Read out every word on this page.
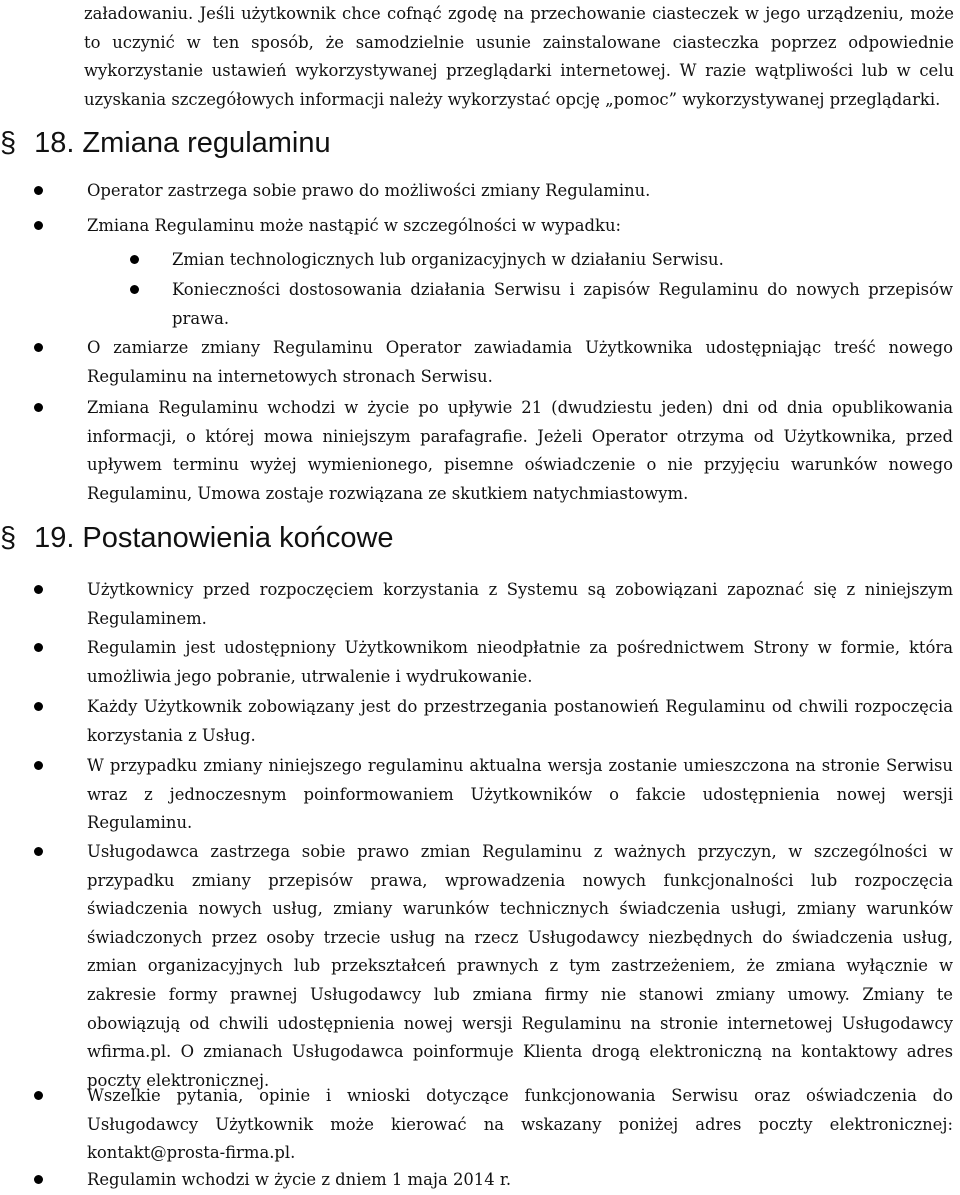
załadowaniu. Jeśli użytkownik chce cofnąć zgodę na przechowanie ciasteczek w jego urządzeniu, może to uczynić w ten sposób, że samodzielnie usunie zainstalowane ciasteczka poprzez odpowiednie wykorzystanie ustawień wykorzystywanej przeglądarki internetowej. W razie wątpliwości lub w celu uzyskania szczegółowych informacji należy wykorzystać opcję „pomoc” wykorzystywanej przeglądarki.

§ 18. Zmiana regulaminu
Operator zastrzega sobie prawo do możliwości zmiany Regulaminu.
Zmiana Regulaminu może nastąpić w szczególności w wypadku:
Zmian technologicznych lub organizacyjnych w działaniu Serwisu.
Konieczności dostosowania działania Serwisu i zapisów Regulaminu do nowych przepisów prawa.
O zamiarze zmiany Regulaminu Operator zawiadamia Użytkownika udostępniając treść nowego Regulaminu na internetowych stronach Serwisu.
Zmiana Regulaminu wchodzi w życie po upływie 21 (dwudziestu jeden) dni od dnia opublikowania informacji, o której mowa niniejszym parafagrafie. Jeżeli Operator otrzyma od Użytkownika, przed upływem terminu wyżej wymienionego, pisemne oświadczenie o nie przyjęciu warunków nowego Regulaminu, Umowa zostaje rozwiązana ze skutkiem natychmiastowym.
§ 19. Postanowienia końcowe
Użytkownicy przed rozpoczęciem korzystania z Systemu są zobowiązani zapoznać się z niniejszym Regulaminem.
Regulamin jest udostępniony Użytkownikom nieodpłatnie za pośrednictwem Strony w formie, która umożliwia jego pobranie, utrwalenie i wydrukowanie.
Każdy Użytkownik zobowiązany jest do przestrzegania postanowień Regulaminu od chwili rozpoczęcia korzystania z Usług.
W przypadku zmiany niniejszego regulaminu aktualna wersja zostanie umieszczona na stronie Serwisu wraz z jednoczesnym poinformowaniem Użytkowników o fakcie udostępnienia nowej wersji Regulaminu.
Usługodawca zastrzega sobie prawo zmian Regulaminu z ważnych przyczyn, w szczególności w przypadku zmiany przepisów prawa, wprowadzenia nowych funkcjonalności lub rozpoczęcia świadczenia nowych usług, zmiany warunków technicznych świadczenia usługi, zmiany warunków świadczonych przez osoby trzecie usług na rzecz Usługodawcy niezbędnych do świadczenia usług, zmian organizacyjnych lub przekształceń prawnych z tym zastrzeżeniem, że zmiana wyłącznie w zakresie formy prawnej Usługodawcy lub zmiana firmy nie stanowi zmiany umowy. Zmiany te obowiązują od chwili udostępnienia nowej wersji Regulaminu na stronie internetowej Usługodawcy wfirma.pl. O zmianach Usługodawca poinformuje Klienta drogą elektroniczną na kontaktowy adres poczty elektronicznej.
Wszelkie pytania, opinie i wnioski dotyczące funkcjonowania Serwisu oraz oświadczenia do Usługodawcy Użytkownik może kierować na wskazany poniżej adres poczty elektronicznej: kontakt@prosta-firma.pl.
Regulamin wchodzi w życie z dniem 1 maja 2014 r.
